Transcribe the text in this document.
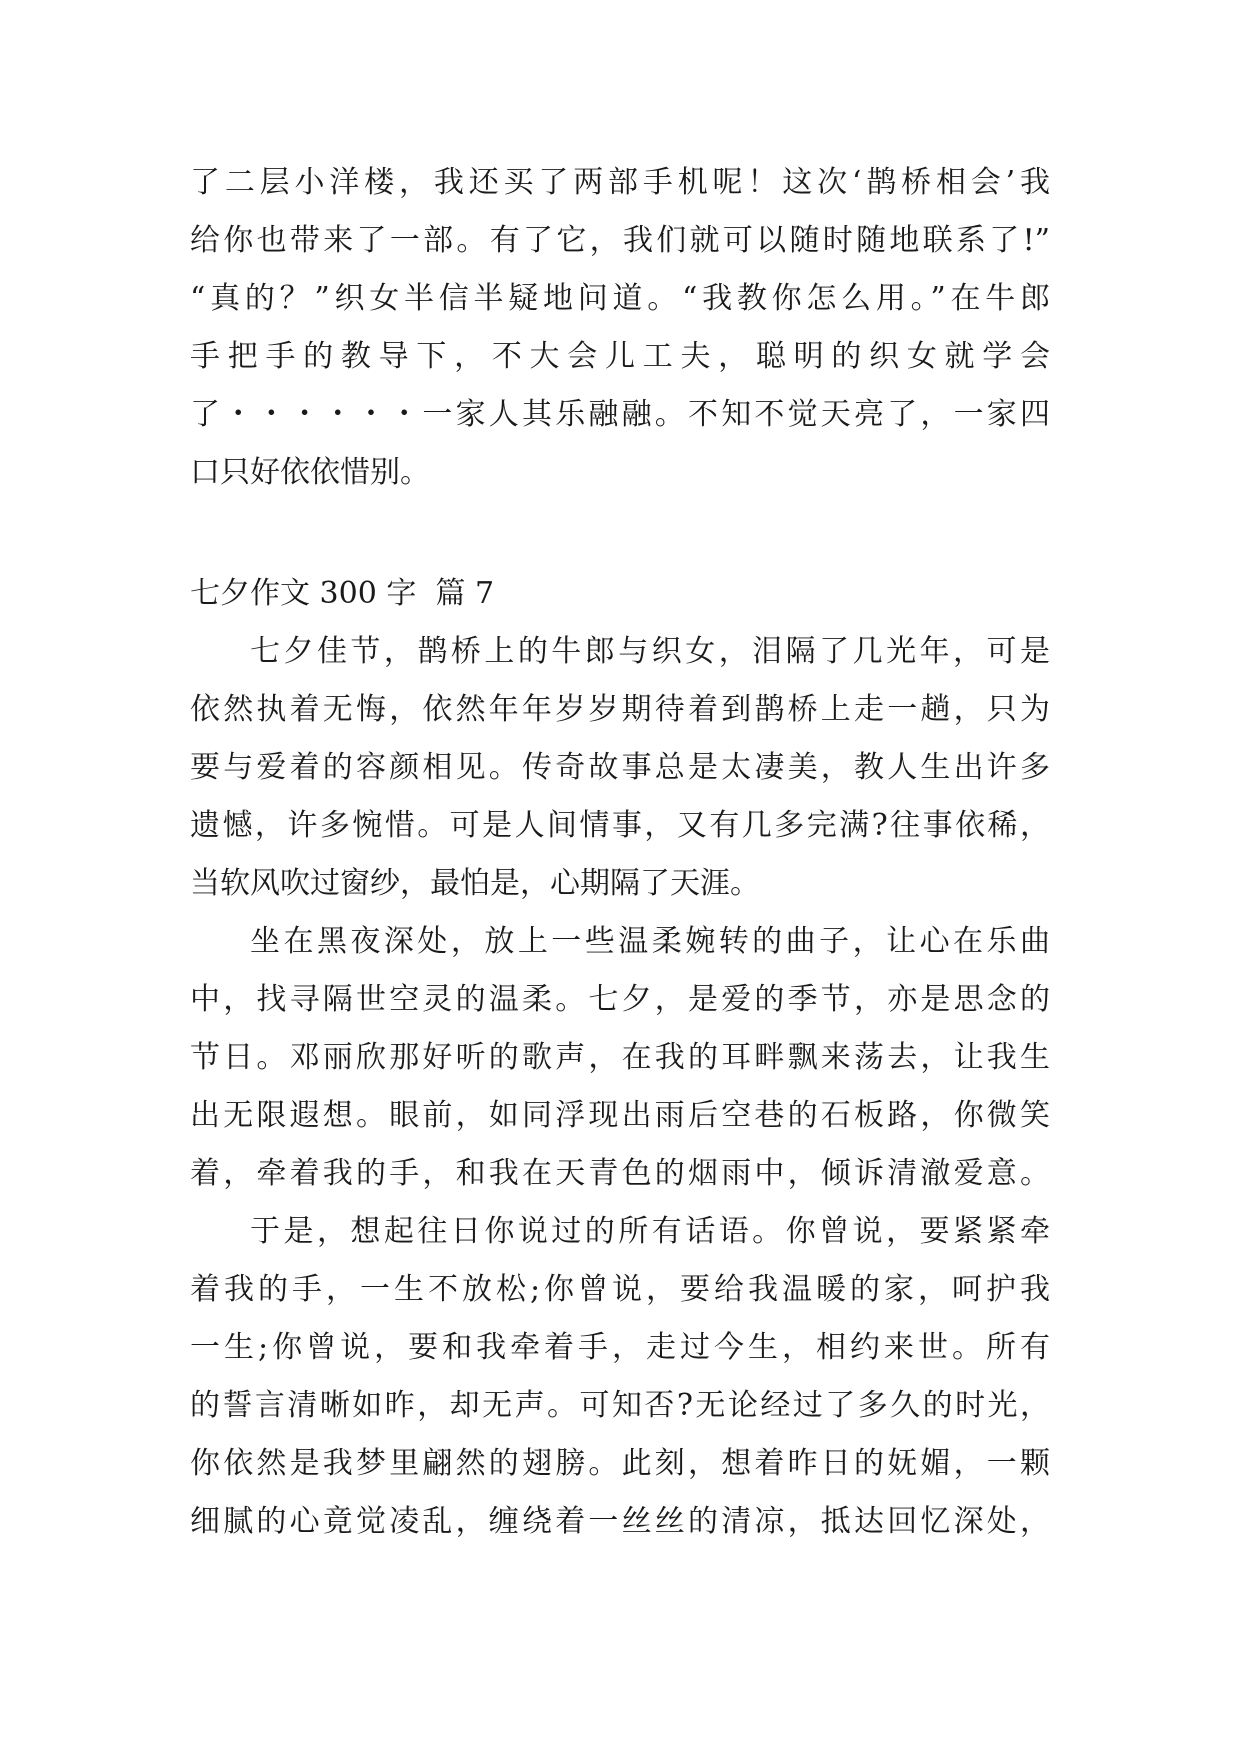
了二层小洋楼，我还买了两部手机呢！这次‘鹊桥相会’我
给你也带来了一部。有了它，我们就可以随时随地联系了!”
“真的？”织女半信半疑地问道。“我教你怎么用。”在牛郎
手把手的教导下，不大会儿工夫，聪明的织女就学会
了・・・・・・一家人其乐融融。不知不觉天亮了，一家四
口只好依依惜别。
七夕作文 300 字  篇 7
七夕佳节，鹊桥上的牛郎与织女，泪隔了几光年，可是
依然执着无悔，依然年年岁岁期待着到鹊桥上走一趟，只为
要与爱着的容颜相见。传奇故事总是太凄美，教人生出许多
遗憾，许多惋惜。可是人间情事，又有几多完满?往事依稀，
当软风吹过窗纱，最怕是，心期隔了天涯。
坐在黑夜深处，放上一些温柔婉转的曲子，让心在乐曲
中，找寻隔世空灵的温柔。七夕，是爱的季节，亦是思念的
节日。邓丽欣那好听的歌声，在我的耳畔飘来荡去，让我生
出无限遐想。眼前，如同浮现出雨后空巷的石板路，你微笑
着，牵着我的手，和我在天青色的烟雨中，倾诉清澈爱意。
于是，想起往日你说过的所有话语。你曾说，要紧紧牵
着我的手，一生不放松;你曾说，要给我温暖的家，呵护我
一生;你曾说，要和我牵着手，走过今生，相约来世。所有
的誓言清晰如昨，却无声。可知否?无论经过了多久的时光，
你依然是我梦里翩然的翅膀。此刻，想着昨日的妩媚，一颗
细腻的心竟觉凌乱，缠绕着一丝丝的清凉，抵达回忆深处，
